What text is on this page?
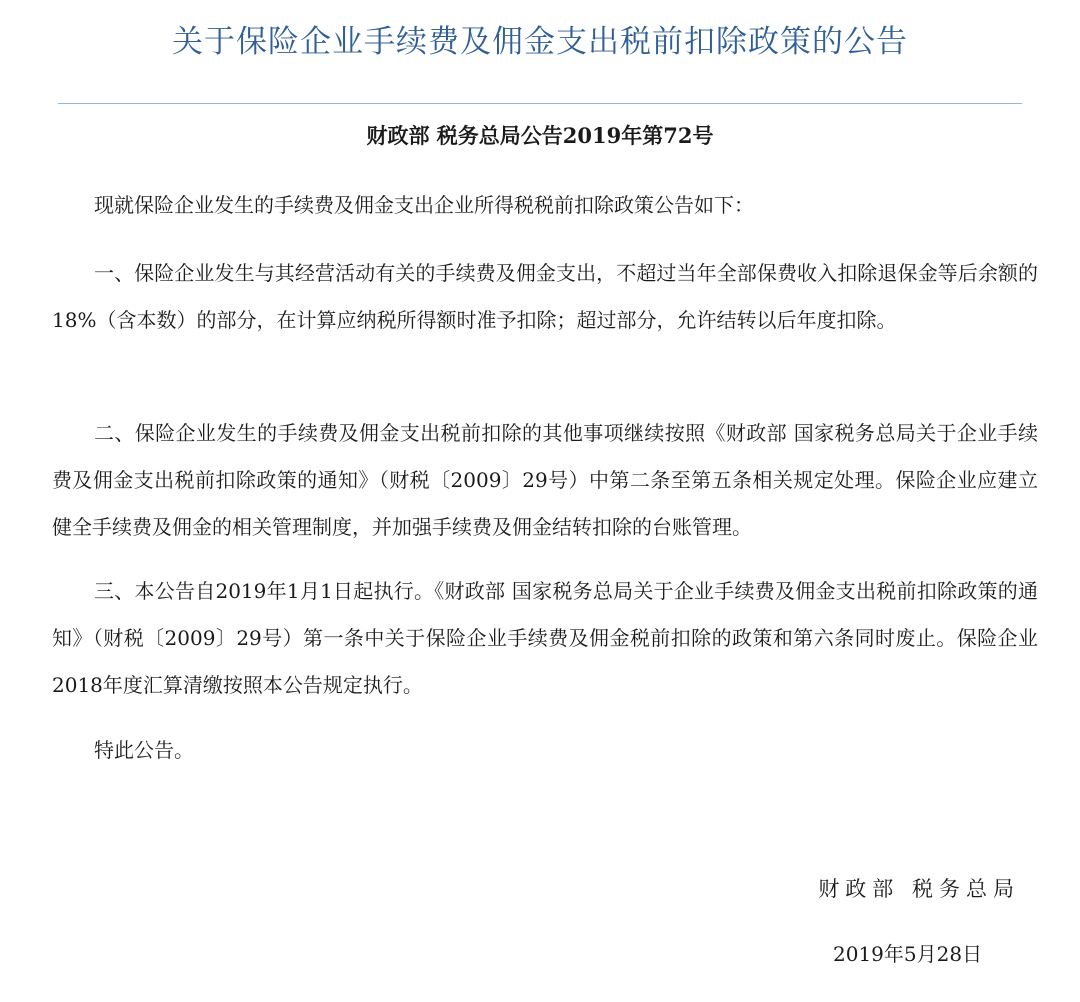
关于保险企业手续费及佣金支出税前扣除政策的公告

财政部 税务总局公告2019年第72号

现就保险企业发生的手续费及佣金支出企业所得税税前扣除政策公告如下：

一、保险企业发生与其经营活动有关的手续费及佣金支出，不超过当年全部保费收入扣除退保金等后余额的18%（含本数）的部分，在计算应纳税所得额时准予扣除；超过部分，允许结转以后年度扣除。

二、保险企业发生的手续费及佣金支出税前扣除的其他事项继续按照《财政部 国家税务总局关于企业手续费及佣金支出税前扣除政策的通知》（财税〔2009〕29号）中第二条至第五条相关规定处理。保险企业应建立健全手续费及佣金的相关管理制度，并加强手续费及佣金结转扣除的台账管理。

三、本公告自2019年1月1日起执行。《财政部 国家税务总局关于企业手续费及佣金支出税前扣除政策的通知》（财税〔2009〕29号）第一条中关于保险企业手续费及佣金税前扣除的政策和第六条同时废止。保险企业2018年度汇算清缴按照本公告规定执行。

特此公告。

财政部 税务总局

2019年5月28日
